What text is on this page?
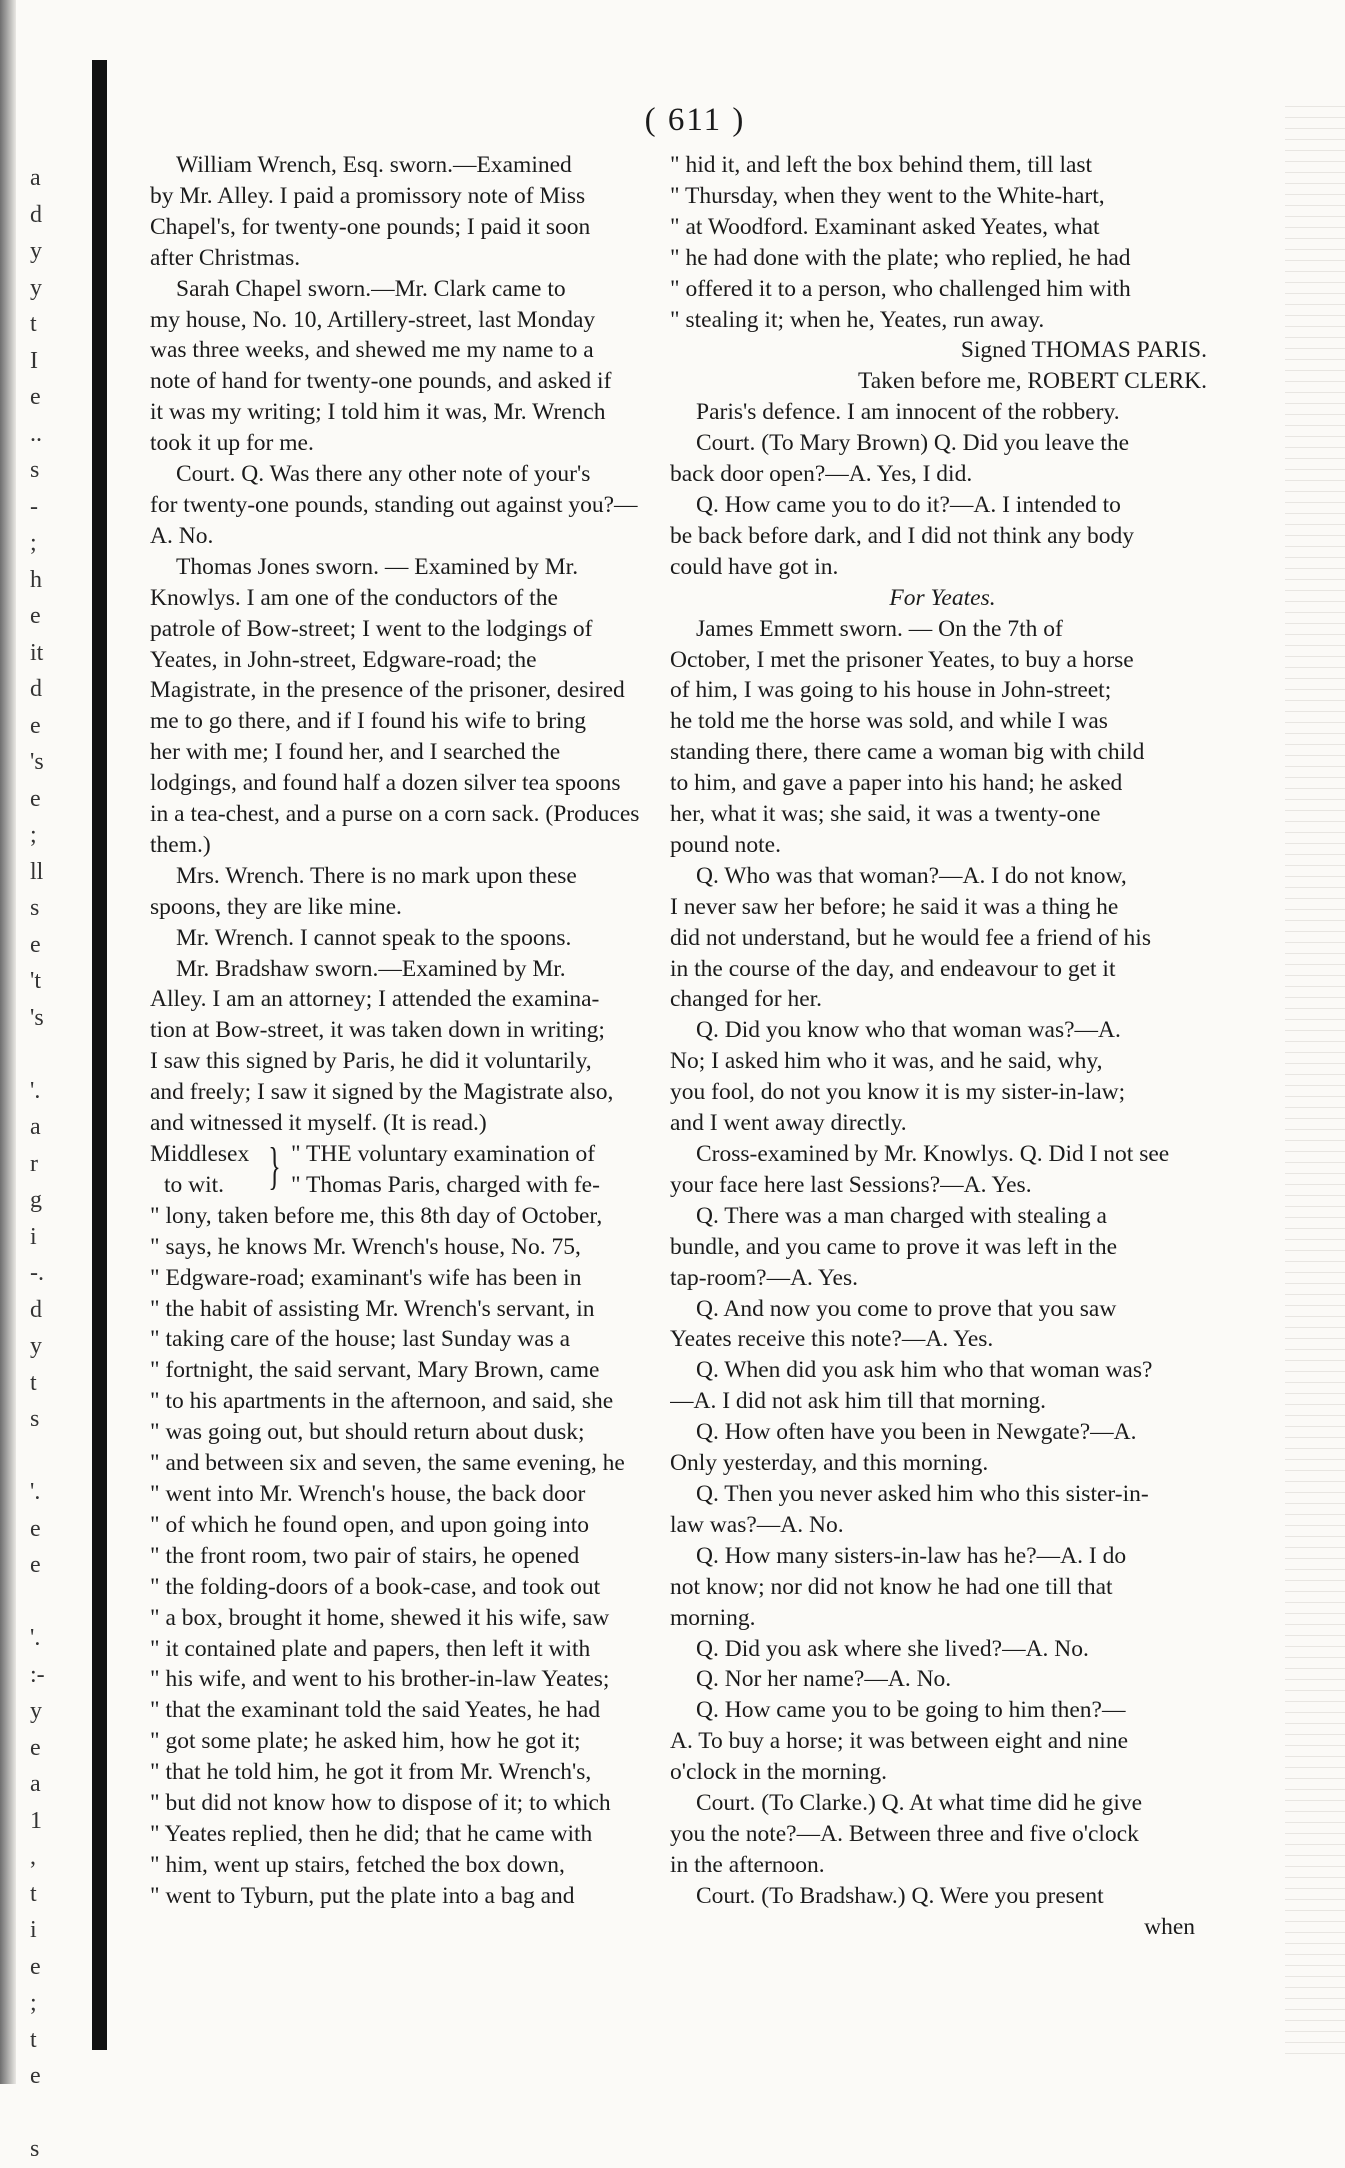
a
d
y
y
t
I
e
..
s
-
;
h
e
it
d
e
's
e
;
ll
s
e
't
's
'.
a
r
g
i
-.
d
y
t
s
'.
e
e
'.
:-
y
e
a
1
,
t
i
e
;
t
e
s
( 611 )

William Wrench, Esq. sworn.—Examined
by Mr. Alley. I paid a promissory note of Miss
Chapel's, for twenty-one pounds; I paid it soon
after Christmas.

Sarah Chapel sworn.—Mr. Clark came to
my house, No. 10, Artillery-street, last Monday
was three weeks, and shewed me my name to a
note of hand for twenty-one pounds, and asked if
it was my writing; I told him it was, Mr. Wrench
took it up for me.

Court. Q. Was there any other note of your's
for twenty-one pounds, standing out against you?—
A. No.

Thomas Jones sworn. — Examined by Mr.
Knowlys. I am one of the conductors of the
patrole of Bow-street; I went to the lodgings of
Yeates, in John-street, Edgware-road; the
Magistrate, in the presence of the prisoner, desired
me to go there, and if I found his wife to bring
her with me; I found her, and I searched the
lodgings, and found half a dozen silver tea spoons
in a tea-chest, and a purse on a corn sack. (Produces
them.)

Mrs. Wrench. There is no mark upon these
spoons, they are like mine.

Mr. Wrench. I cannot speak to the spoons.

Mr. Bradshaw sworn.—Examined by Mr.
Alley. I am an attorney; I attended the examina-
tion at Bow-street, it was taken down in writing;
I saw this signed by Paris, he did it voluntarily,
and freely; I saw it signed by the Magistrate also,
and witnessed it myself. (It is read.)

Middlesex
to wit. } " THE voluntary examination of
" Thomas Paris, charged with fe-
" lony, taken before me, this 8th day of October,
" says, he knows Mr. Wrench's house, No. 75,
" Edgware-road; examinant's wife has been in
" the habit of assisting Mr. Wrench's servant, in
" taking care of the house; last Sunday was a
" fortnight, the said servant, Mary Brown, came
" to his apartments in the afternoon, and said, she
" was going out, but should return about dusk;
" and between six and seven, the same evening, he
" went into Mr. Wrench's house, the back door
" of which he found open, and upon going into
" the front room, two pair of stairs, he opened
" the folding-doors of a book-case, and took out
" a box, brought it home, shewed it his wife, saw
" it contained plate and papers, then left it with
" his wife, and went to his brother-in-law Yeates;
" that the examinant told the said Yeates, he had
" got some plate; he asked him, how he got it;
" that he told him, he got it from Mr. Wrench's,
" but did not know how to dispose of it; to which
" Yeates replied, then he did; that he came with
" him, went up stairs, fetched the box down,
" went to Tyburn, put the plate into a bag and
" hid it, and left the box behind them, till last
" Thursday, when they went to the White-hart,
" at Woodford. Examinant asked Yeates, what
" he had done with the plate; who replied, he had
" offered it to a person, who challenged him with
" stealing it; when he, Yeates, run away.

Signed THOMAS PARIS.

Taken before me, ROBERT CLERK.

Paris's defence. I am innocent of the robbery.

Court. (To Mary Brown) Q. Did you leave the
back door open?—A. Yes, I did.

Q. How came you to do it?—A. I intended to
be back before dark, and I did not think any body
could have got in.

For Yeates.

James Emmett sworn. — On the 7th of
October, I met the prisoner Yeates, to buy a horse
of him, I was going to his house in John-street;
he told me the horse was sold, and while I was
standing there, there came a woman big with child
to him, and gave a paper into his hand; he asked
her, what it was; she said, it was a twenty-one
pound note.

Q. Who was that woman?—A. I do not know,
I never saw her before; he said it was a thing he
did not understand, but he would fee a friend of his
in the course of the day, and endeavour to get it
changed for her.

Q. Did you know who that woman was?—A.
No; I asked him who it was, and he said, why,
you fool, do not you know it is my sister-in-law;
and I went away directly.

Cross-examined by Mr. Knowlys. Q. Did I not see
your face here last Sessions?—A. Yes.

Q. There was a man charged with stealing a
bundle, and you came to prove it was left in the
tap-room?—A. Yes.

Q. And now you come to prove that you saw
Yeates receive this note?—A. Yes.

Q. When did you ask him who that woman was?
—A. I did not ask him till that morning.

Q. How often have you been in Newgate?—A.
Only yesterday, and this morning.

Q. Then you never asked him who this sister-in-
law was?—A. No.

Q. How many sisters-in-law has he?—A. I do
not know; nor did not know he had one till that
morning.

Q. Did you ask where she lived?—A. No.

Q. Nor her name?—A. No.

Q. How came you to be going to him then?—
A. To buy a horse; it was between eight and nine
o'clock in the morning.

Court. (To Clarke.) Q. At what time did he give
you the note?—A. Between three and five o'clock
in the afternoon.

Court. (To Bradshaw.) Q. Were you present

when
